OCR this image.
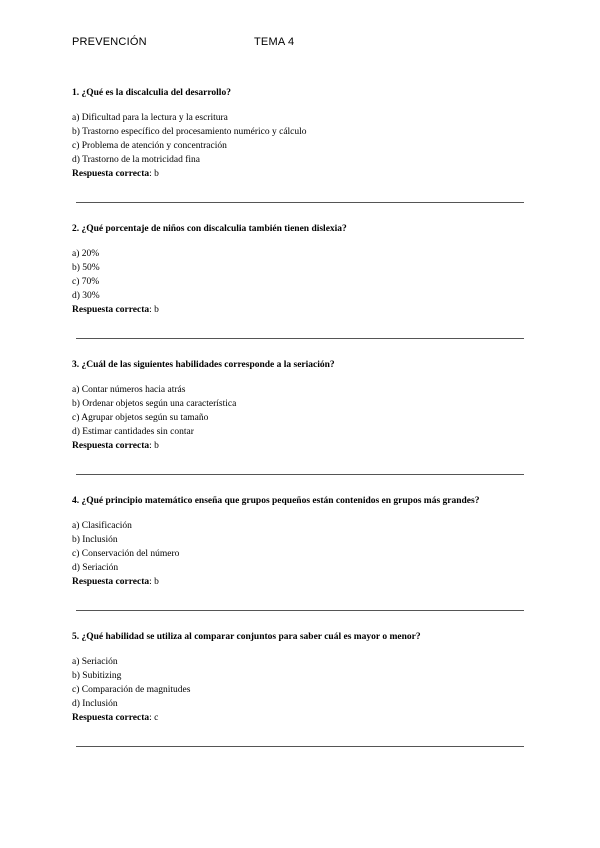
PREVENCIÓN	TEMA 4
1. ¿Qué es la discalculia del desarrollo?
a) Dificultad para la lectura y la escritura
b) Trastorno específico del procesamiento numérico y cálculo
c) Problema de atención y concentración
d) Trastorno de la motricidad fina
Respuesta correcta: b
2. ¿Qué porcentaje de niños con discalculia también tienen dislexia?
a) 20%
b) 50%
c) 70%
d) 30%
Respuesta correcta: b
3. ¿Cuál de las siguientes habilidades corresponde a la seriación?
a) Contar números hacia atrás
b) Ordenar objetos según una característica
c) Agrupar objetos según su tamaño
d) Estimar cantidades sin contar
Respuesta correcta: b
4. ¿Qué principio matemático enseña que grupos pequeños están contenidos en grupos más grandes?
a) Clasificación
b) Inclusión
c) Conservación del número
d) Seriación
Respuesta correcta: b
5. ¿Qué habilidad se utiliza al comparar conjuntos para saber cuál es mayor o menor?
a) Seriación
b) Subitizing
c) Comparación de magnitudes
d) Inclusión
Respuesta correcta: c
